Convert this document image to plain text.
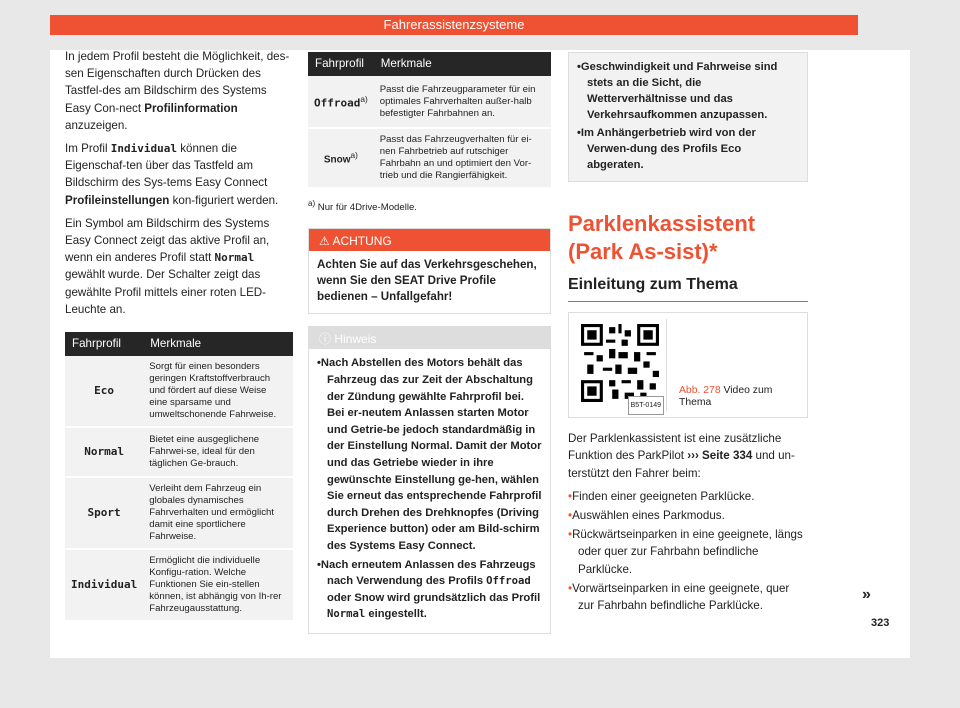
Fahrerassistenzsysteme

In jedem Profil besteht die Möglichkeit, des-sen Eigenschaften durch Drücken des Tastfel-des am Bildschirm des Systems Easy Con-nect Profilinformation anzuzeigen.

Im Profil Individual können die Eigenschaf-ten über das Tastfeld am Bildschirm des Sys-tems Easy Connect Profileinstellungen kon-figuriert werden.

Ein Symbol am Bildschirm des Systems Easy Connect zeigt das aktive Profil an, wenn ein anderes Profil statt Normal gewählt wurde. Der Schalter zeigt das gewählte Profil mittels einer roten LED-Leuchte an.

Fahrprofil	Merkmale
Eco	Sorgt für einen besonders geringen Kraftstoffverbrauch und fördert auf diese Weise eine sparsame und umweltschonende Fahrweise.
Normal	Bietet eine ausgeglichene Fahrwei-se, ideal für den täglichen Ge-brauch.
Sport	Verleiht dem Fahrzeug ein globales dynamisches Fahrverhalten und ermöglicht damit eine sportlichere Fahrweise.
Individual	Ermöglicht die individuelle Konfigu-ration. Welche Funktionen Sie ein-stellen können, ist abhängig von Ih-rer Fahrzeugausstattung.
Fahrprofil	Merkmale
Offroad$^{a)}$	Passt die Fahrzeugparameter für ein optimales Fahrverhalten außer-halb befestigter Fahrbahnen an.
Snow$^{a)}$	Passt das Fahrzeugverhalten für ei-nen Fahrbetrieb auf rutschiger Fahrbahn an und optimiert den Vor-trieb und die Rangierfähigkeit.
$^{a)}$ Nur für 4Drive-Modelle.
⚠ ACHTUNG
Achten Sie auf das Verkehrsgeschehen, wenn Sie den SEAT Drive Profile bedienen – Unfallgefahr!
ⓘ Hinweis
• Nach Abstellen des Motors behält das Fahrzeug das zur Zeit der Abschaltung der Zündung gewählte Fahrprofil bei. Bei er-neutem Anlassen starten Motor und Getrie-be jedoch standardmäßig in der Einstellung Normal. Damit der Motor und das Getriebe wieder in ihre gewünschte Einstellung ge-hen, wählen Sie erneut das entsprechende Fahrprofil durch Drehen des Drehknopfes (Driving Experience button) oder am Bild-schirm des Systems Easy Connect.
• Nach erneutem Anlassen des Fahrzeugs nach Verwendung des Profils Offroad oder Snow wird grundsätzlich das Profil Normal eingestellt.
• Geschwindigkeit und Fahrweise sind stets an die Sicht, die Wetterverhältnisse und das Verkehrsaufkommen anzupassen.
• Im Anhängerbetrieb wird von der Verwen-dung des Profils Eco abgeraten.
Parklenkassistent (Park As-sist)*
Einleitung zum Thema
B5T-0149
Abb. 278 Video zum Thema

Der Parklenkassistent ist eine zusätzliche Funktion des ParkPilot ››› Seite 334 und un-terstützt den Fahrer beim:

• Finden einer geeigneten Parklücke.
• Auswählen eines Parkmodus.
• Rückwärtseinparken in eine geeignete, längs oder quer zur Fahrbahn befindliche Parklücke.
• Vorwärtseinparken in eine geeignete, quer zur Fahrbahn befindliche Parklücke.
»
323
